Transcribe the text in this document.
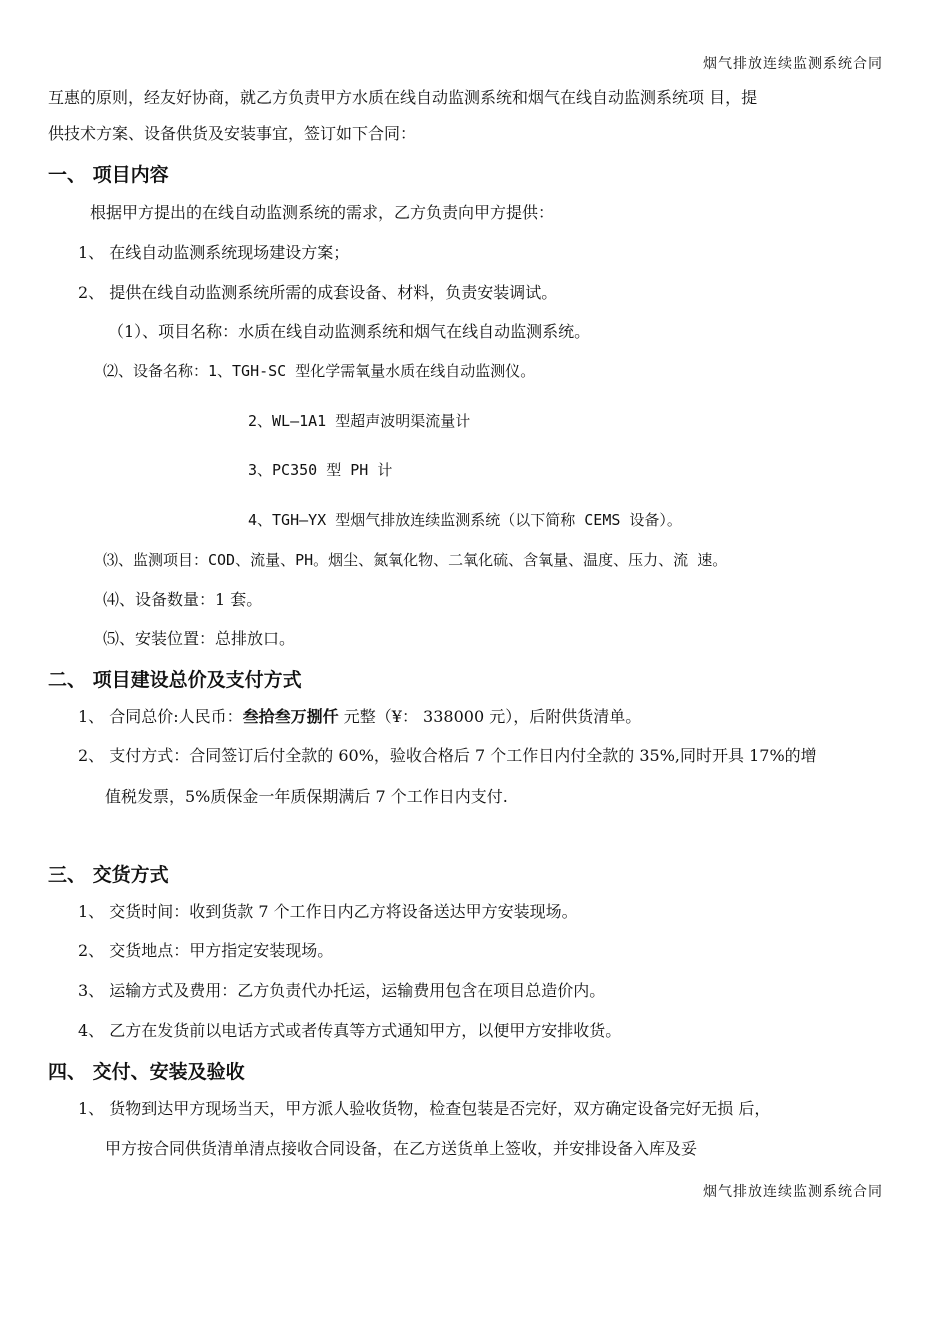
烟气排放连续监测系统合同
互惠的原则，经友好协商，就乙方负责甲方水质在线自动监测系统和烟气在线自动监测系统项 目，提
供技术方案、设备供货及安装事宜，签订如下合同：
一、 项目内容
根据甲方提出的在线自动监测系统的需求，乙方负责向甲方提供：
1、 在线自动监测系统现场建设方案；
2、 提供在线自动监测系统所需的成套设备、材料，负责安装调试。
（1）、项目名称：水质在线自动监测系统和烟气在线自动监测系统。
⑵、设备名称：1、TGH-SC 型化学需氧量水质在线自动监测仪。
2、WL—1A1 型超声波明渠流量计
3、PC350 型 PH 计
4、TGH—YX 型烟气排放连续监测系统（以下简称 CEMS 设备）。
⑶、监测项目：COD、流量、PH。烟尘、氮氧化物、二氧化硫、含氧量、温度、压力、流 速。
⑷、设备数量：1 套。
⑸、安装位置：总排放口。
二、 项目建设总价及支付方式
1、 合同总价:人民币：叁拾叁万捌仟 元整（¥： 338000 元），后附供货清单。
2、 支付方式：合同签订后付全款的 60%，验收合格后 7 个工作日内付全款的 35%,同时开具 17%的增
值税发票，5%质保金一年质保期满后 7 个工作日内支付.
三、 交货方式
1、 交货时间：收到货款 7 个工作日内乙方将设备送达甲方安装现场。
2、 交货地点：甲方指定安装现场。
3、 运输方式及费用：乙方负责代办托运，运输费用包含在项目总造价内。
4、 乙方在发货前以电话方式或者传真等方式通知甲方，以便甲方安排收货。
四、 交付、安装及验收
1、 货物到达甲方现场当天，甲方派人验收货物，检查包装是否完好，双方确定设备完好无损 后，
甲方按合同供货清单清点接收合同设备，在乙方送货单上签收，并安排设备入库及妥
烟气排放连续监测系统合同
